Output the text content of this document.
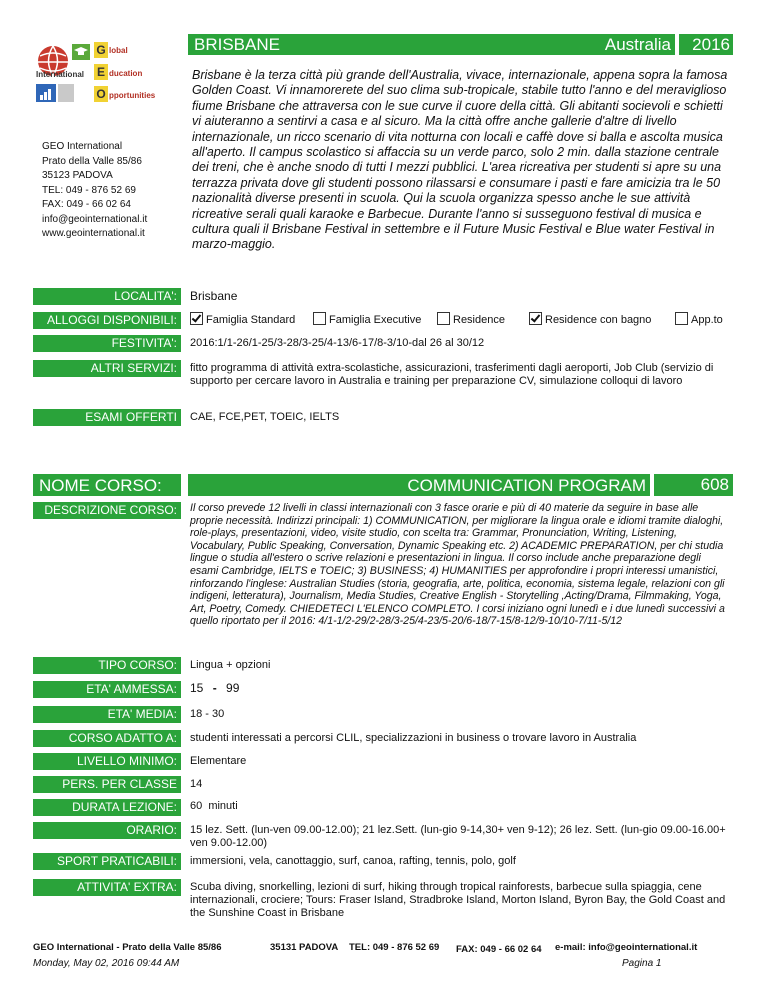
BRISBANE	Australia	2016
International
G lobal
E ducation
O pportunities
GEO International
Prato della Valle 85/86
35123 PADOVA
TEL: 049 - 876 52 69
FAX: 049 - 66 02 64
info@geointernational.it
www.geointernational.it
Brisbane è la terza città più grande dell'Australia, vivace, internazionale, appena sopra la famosa Golden Coast. Vi innamorerete del suo clima sub-tropicale, stabile tutto l'anno e del meraviglioso fiume Brisbane che attraversa con le sue curve il cuore della città. Gli abitanti socievoli e schietti vi aiuteranno a sentirvi a casa e al sicuro. Ma la città offre anche gallerie d'altre di livello internazionale, un ricco scenario di vita notturna con locali e caffè dove si balla e ascolta musica all'aperto. Il campus scolastico si affaccia su un verde parco, solo 2 min. dalla stazione centrale dei treni, che è anche snodo di tutti I mezzi pubblici. L'area ricreativa per studenti si apre su una terrazza privata dove gli studenti possono rilassarsi e consumare i pasti e fare amicizia tra le 50 nazionalità diverse presenti in scuola. Qui la scuola organizza spesso anche le sue attività ricreative serali quali karaoke e Barbecue. Durante l'anno si susseguono festival di musica e cultura quali il Brisbane Festival in settembre e il Future Music Festival e Blue water Festival in marzo-maggio.
LOCALITA':	Brisbane
ALLOGGI DISPONIBILI:	Famiglia Standard	Famiglia Executive	Residence	Residence con bagno	App.to
FESTIVITA':	2016:1/1-26/1-25/3-28/3-25/4-13/6-17/8-3/10-dal 26 al 30/12
ALTRI SERVIZI:	fitto programma di attività extra-scolastiche, assicurazioni, trasferimenti dagli aeroporti, Job Club (servizio di supporto per cercare lavoro in Australia e training per preparazione CV, simulazione colloqui di lavoro
ESAMI OFFERTI	CAE, FCE,PET, TOEIC, IELTS
NOME CORSO:	COMMUNICATION PROGRAM	608
DESCRIZIONE CORSO:	Il corso prevede 12 livelli in classi internazionali con 3 fasce orarie e più di 40 materie da seguire in base alle proprie necessità. Indirizzi principali: 1) COMMUNICATION, per migliorare la lingua orale e idiomi tramite dialoghi, role-plays, presentazioni, video, visite studio, con scelta tra: Grammar, Pronunciation, Writing, Listening, Vocabulary, Public Speaking, Conversation, Dynamic Speaking etc. 2) ACADEMIC PREPARATION, per chi studia lingue o studia all'estero o scrive relazioni e presentazioni in lingua. Il corso include anche preparazione degli esami Cambridge, IELTS e TOEIC; 3) BUSINESS; 4) HUMANITIES per approfondire i propri interessi umanistici, rinforzando l'inglese: Australian Studies (storia, geografia, arte, politica, economia, sistema legale, relazioni con gli indigeni, letteratura), Journalism, Media Studies, Creative English - Storytelling ,Acting/Drama, Filmmaking, Yoga, Art, Poetry, Comedy. CHIEDETECI L'ELENCO COMPLETO. I corsi iniziano ogni lunedì e i due lunedì successivi a quello riportato per il 2016: 4/1-1/2-29/2-28/3-25/4-23/5-20/6-18/7-15/8-12/9-10/10-7/11-5/12
TIPO CORSO:	Lingua + opzioni
ETA' AMMESSA:	15 - 99
ETA' MEDIA:	18 - 30
CORSO ADATTO A:	studenti interessati a percorsi CLIL, specializzazioni in business o trovare lavoro in Australia
LIVELLO MINIMO:	Elementare
PERS. PER CLASSE	14
DURATA LEZIONE:	60 minuti
ORARIO:	15 lez. Sett. (lun-ven 09.00-12.00); 21 lez.Sett. (lun-gio 9-14,30+ ven 9-12); 26 lez. Sett. (lun-gio 09.00-16.00+ ven 9.00-12.00)
SPORT PRATICABILI:	immersioni, vela, canottaggio, surf, canoa, rafting, tennis, polo, golf
ATTIVITA' EXTRA:	Scuba diving, snorkelling, lezioni di surf, hiking through tropical rainforests, barbecue sulla spiaggia, cene internazionali, crociere; Tours: Fraser Island, Stradbroke Island, Morton Island, Byron Bay, the Gold Coast and the Sunshine Coast in Brisbane
GEO International - Prato della Valle 85/86	35131 PADOVA TEL: 049 - 876 52 69 FAX: 049 - 66 02 64 e-mail: info@geointernational.it
Monday, May 02, 2016 09:44 AM	Pagina 1
